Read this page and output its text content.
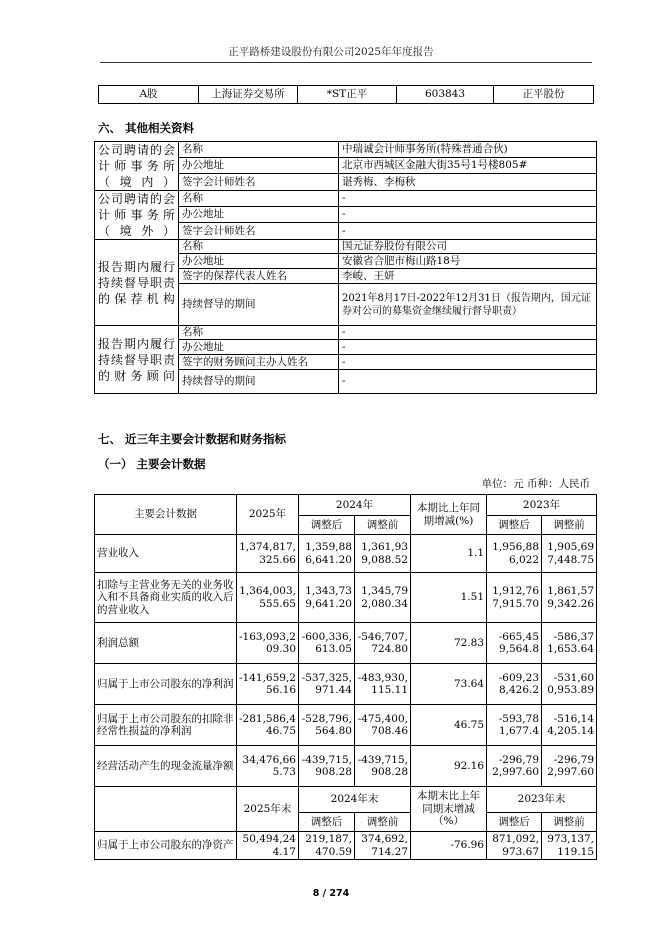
正平路桥建设股份有限公司2025年年度报告
A股	上海证券交易所	*ST正平	603843	正平股份
六、 其他相关资料
公司聘请的会计师事务所（境内）	名称	中瑞诚会计师事务所(特殊普通合伙)
	办公地址	北京市西城区金融大街35号1号楼805#
	签字会计师姓名	谌秀梅、李梅秋
公司聘请的会计师事务所（境外）	名称	-
	办公地址	-
	签字会计师姓名	-
报告期内履行持续督导职责的保荐机构	名称	国元证券股份有限公司
	办公地址	安徽省合肥市梅山路18号
	签字的保荐代表人姓名	李峻、王妍
	持续督导的期间	2021年8月17日-2022年12月31日（报告期内，国元证券对公司的募集资金继续履行督导职责）
报告期内履行持续督导职责的财务顾问	名称	-
	办公地址	-
	签字的财务顾问主办人姓名	-
	持续督导的期间	-
七、 近三年主要会计数据和财务指标
（一） 主要会计数据
单位：元 币种：人民币
主要会计数据	2025年	2024年		本期比上年同期增减(%)	2023年	
		调整后	调整前		调整后	调整前
营业收入	1,374,817,325.66	1,359,886,641.20	1,361,939,088.52	1.1	1,956,886,022	1,905,697,448.75
扣除与主营业务无关的业务收入和不具备商业实质的收入后的营业收入	1,364,003,555.65	1,343,739,641.20	1,345,792,080.34	1.51	1,912,767,915.70	1,861,579,342.26
利润总额	-163,093,209.30	-600,336,613.05	-546,707,724.80	72.83	-665,459,564.8	-586,371,653.64
归属于上市公司股东的净利润	-141,659,256.16	-537,325,971.44	-483,930,115.11	73.64	-609,238,426.2	-531,600,953.89
归属于上市公司股东的扣除非经常性损益的净利润	-281,586,446.75	-528,796,564.80	-475,400,708.46	46.75	-593,781,677.4	-516,144,205.14
经营活动产生的现金流量净额	34,476,665.73	-439,715,908.28	-439,715,908.28	92.16	-296,792,997.60	-296,792,997.60
	2025年末	2024年末		本期末比上年同期末增减（%）	2023年末	
		调整后	调整前		调整后	调整前
归属于上市公司股东的净资产	50,494,244.17	219,187,470.59	374,692,714.27	-76.96	871,092,973.67	973,137,119.15
8 / 274
